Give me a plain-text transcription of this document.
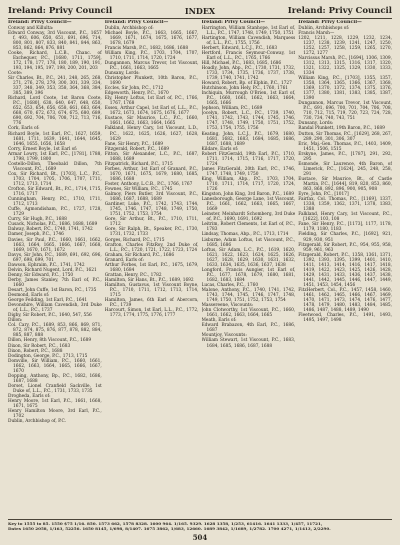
Ireland: Privy Council	INDEX	Ireland: Privy Council
Ireland: Privy Council—

Conway and Killulta:

Edward Conway, 3rd Viscount, P.C., 1657 f, 493, 606, 650, 651, 691, 696, 714, 800, 801, 807, 833, 840, 841, 844, 863, 853, 862, 864, 876, 881

Cooke, Richard, L.C.B., Chanc. of Exchequer, P.C., [1680, 1711, 1759], 172, 178, 177, 178, 180, 189, 190, 191, 193, 194, 195, 197, 198, 200, 201, 203

Coote:

Sir Charles, Bt., P.C., 241, 248, 265, 268, 271, 276, 278, 279, 300, 301, 339, 334, 337, 348, 349, 353, 358, 364, 368, 384, 385, 389, 396

Richard, Lord Coote, 1st Baron Coote, P.C., [1680], 638, 640, 647, 648, 650, 652, 653, 654, 656, 658, 661, 663, 664, 668, 670, 672, 673, 674, 675, 680, 689, 690, 692, 704, 706, 708, 712, 713, 716, 776

Cork, Earls of:

Richard Boyle, 1st Earl, P.C., 1627, 1659, 1681, 1711, 1639, 1641, 1644, 1645, 1646, 1655, 1656, 1658

Corry, Ernest Boyle, 1st Earl of:

Armar Lowry, 1st Earl, P.C., [1781], 1788, 1798, 1799, 1800

Costello-Dillon, Theobald Dillon, 7th Viscount, P.C., 1689

Cox, Sir Richard, Bt., [1703], L.C., P.C., 1703, 1704, 1705, 1706, 1707, 1711, 1712, 1713, 1714

Crofton, Sir Edward, Bt., P.C., 1714, 1715, 1716, 1717

Cunningham, Henry, P.C., 1710, 1711, 1712, 1713

Cuffe, Agmondisham, P.C., 1727, 1728, 1729

Curry, Sir Hugh, P.C., 1688

Cusack, Nicholas, P.C., 1686, 1688, 1689

Dalway, Robert, P.C., 1740, 1741, 1742

Damer, Joseph, P.C., 1746

Davies, Sir Paul, P.C., 1660, 1661, 1662, 1663, 1664, 1665, 1666, 1667, 1668, 1669, 1670, 1671, 1672

Davys, Sir John, P.C., 1689, 691, 692, 696, 697, 698, 699, 701

Dawson, Ephraim, P.C., 1741, 1742

Delvin, Richard Nugent, Lord, P.C., 1621

Denny, Sir Edward, P.C., 1750

Derby, James Stanley, 7th Earl of, P.C., 1660

Desart, John Cuffe, 1st Baron, P.C., 1735

Desmond, Earls of:

George Feilding, 1st Earl, P.C., 1641

Devonshire, William Cavendish, 3rd Duke of, L.L., P.C., 1737

Digby, Sir Robert, P.C., 1640, 547, 556

Dillon:

Col. Cary, P.C., 1689, 853, 866, 869, 871, 872, 874, 875, 876, 877, 878, 882, 884, 885, 887, 888

Dillon, Henry, 8th Viscount, P.C., 1689

Dixon, Sir Robert, P.C., 1683

Dixon, Robert, P.C., 1688

Dodington, George, P.C., 1713, 1715

Domville, Sir William, P.C., 1660, 1661, 1662, 1663, 1664, 1665, 1666, 1667, 1670

Dopping, Anthony, Bp., P.C., 1682, 1686, 1687, 1688

Dorset, Lionel Cranfield Sackville, 1st Duke of, L.L., P.C., 1731, 1733, 1735

Drogheda, Earls of:

Henry Moore, 1st Earl, P.C., 1661, 1668, 1671, 1675

Henry Hamilton Moore, 3rd Earl, P.C., 1702

Dublin, Archbishop of, P.C.

Ireland: Privy Council—

Dublin, Archbishop of:

Michael Boyle, P.C., 1663, 1665, 1667, 1669, 1671, 1674, 1675, 1676, 1677, 1678, 1679

Francis Marsh, P.C., 1682, 1686, 1688

William King, P.C., 1703, 1704, 1707, 1710, 1711, 1714, 1720, 1724

Dungannon, Marcus Trevor, 1st Viscount, P.C., 1661, 1663, 1665

Dunsany, Lords:

Christopher Plunkett, 10th Baron, P.C., 1690

Eccles, Sir John, P.C., 1712

Edgeworth, Henry, P.C., 1670

Ely, Henry Loftus, 1st Earl of, P.C., 1766, 1767, 1768

Essex, Arthur Capel, 1st Earl of, L.L., P.C., 1672, 1673, 1674, 1675, 1676, 1677

Eustace, Sir Maurice, L.C., P.C., 1660, 1661, 1662, 1663, 1664, 1665

Falkland, Henry Cary, 1st Viscount, L.D., P.C., 1622, 1625, 1626, 1627, 1628, 1629

Fane, Sir Henry, P.C., 1689

Fitzgerald, Robert, P.C., 1689

Fitton, Sir Alexander, L.C., P.C., 1687, 1688, 1689

Fitzpatrick, Richard, P.C., 1715

Forbes, Arthur, 1st Earl of Granard, P.C., 1670, 1671, 1675, 1679, 1680, 1685, 1686, 1688

Foster, Anthony, L.C.B., P.C., 1766, 1767

Fownes, Sir William, P.C., 1745

Galmoy, Piers Butler, 3rd Viscount, P.C., 1686, 1687, 1688, 1689

Gardiner, Luke, P.C., 1742, 1743, 1744, 1745, 1746, 1747, 1748, 1749, 1750, 1751, 1752, 1753, 1754

Gore, Sir Arthur, Bt., P.C., 1710, 1711, 1712

Gore, Sir Ralph, Bt., Speaker, P.C., 1730, 1731, 1732, 1733

Gorges, Richard, P.C., 1715

Grafton, Charles FitzRoy, 2nd Duke of, L.L., P.C., 1720, 1721, 1722, 1723, 1724

Graham, Sir Richard, P.C., 1686

Granard, Earls of:

Arthur Forbes, 1st Earl, P.C., 1675, 1679, 1680, 1684

Grattan, Henry, P.C., 1782

Hamilton, Sir Hans, Bt., P.C., 1689, 1692

Hamilton, Gustavus, 1st Viscount Boyne, P.C., 1710, 1711, 1712, 1713, 1714, 1715

Hamilton, James, 6th Earl of Abercorn, P.C., 1739

Harcourt, Simon, 1st Earl, L.L., P.C., 1772, 1773, 1774, 1775, 1776, 1777

Ireland: Privy Council—

Harrington, William Stanhope, 1st Earl of, L.L., P.C., 1747, 1748, 1749, 1750, 1751

Hartington, William Cavendish, Marquess of, L.L., P.C., 1755, 1756

Herbert, Edward, L.C.J., P.C., 1683

Hertford, Francis Seymour-Conway, 1st Earl of, L.L., P.C., 1765, 1766

Hill, Michael, P.C., 1683, 1685, 1686

Hoadly, John, Abp., P.C., 1730, 1731, 1732, 1733, 1734, 1735, 1736, 1737, 1738, 1739, 1740, 1741, 1742

Howard, Robert, Bp. of Elphin, P.C., 1727

Hutchinson, John Hely, P.C., 1760, 1761

Inchiquin, Murrough O'Brien, 1st Earl of, P.C., 1660, 1661, 1662, 1663, 1664, 1665, 1666

Jephson, William, P.C., 1689

Jocelyn, Robert, L.C., P.C., 1739, 1740, 1741, 1742, 1743, 1744, 1745, 1746, 1747, 1748, 1749, 1750, 1751, 1752, 1753, 1754, 1755, 1756

Keating, John, L.C.J., P.C., 1679, 1680, 1681, 1682, 1683, 1684, 1685, 1686, 1687, 1688, 1689

Kildare, Earls of:

Robert FitzGerald, 19th Earl, P.C., 1710, 1711, 1714, 1715, 1716, 1717, 1720, 1724

James FitzGerald, 20th Earl, P.C., 1746, 1747, 1748, 1749, 1750

King, William, Abp., P.C., 1703, 1704, 1710, 1711, 1714, 1717, 1720, 1724, 1726

Kingston, John King, 3rd Baron, P.C., 1689

Lanesborough, George Lane, 1st Viscount, P.C., 1661, 1662, 1663, 1665, 1667, 1669

Leinster, Meinhardt Schomberg, 3rd Duke of, P.C., 1690, 1691, 1692

Leitrim, Robert Clements, 1st Earl of, P.C., 1783

Lindsay, Thomas, Abp., P.C., 1713, 1714

Lisburne, Adam Loftus, 1st Viscount, P.C., 1685, 1686

Loftus, Sir Adam, L.C., P.C., 1619, 1620, 1621, 1622, 1623, 1624, 1625, 1626, 1627, 1628, 1629, 1630, 1631, 1632, 1633, 1634, 1635, 1636, 1637, 1638

Longford, Francis Aungier, 1st Earl of, P.C., 1677, 1678, 1679, 1680, 1681, 1682, 1683, 1684

Lucas, Charles, P.C., 1760

Malone, Anthony, P.C., 1740, 1741, 1742, 1743, 1744, 1745, 1746, 1747, 1748, 1749, 1750, 1751, 1752, 1753, 1754

Massereene, Viscounts:

John Clotworthy, 1st Viscount, P.C., 1660, 1661, 1662, 1663, 1664, 1665

Meath, Earls of:

Edward Brabazon, 4th Earl, P.C., 1686, 1687

Mountjoy, Viscounts:

William Stewart, 1st Viscount, P.C., 1683, 1684, 1685, 1686, 1687, 1688

Ireland: Privy Council—

Dublin, Archbishops of:

Francis Marsh—

1202, 1211, 1228, 1229, 1232, 1234, 1237, 1238, 1239, 1241, 1247, 1250, 1252, 1257, 1258, 1259, 1265, 1270, 1272, 1277

Narcissus Marsh, P.C., [1694], 1306, 1309, 1312, 1313, 1315, 1316, 1317, 1320, 1321, 1322, 1325, 1329, 1330, 1333, 1334

William King, P.C., [1703], 1355, 1357, 1358, 1364, 1365, 1366, 1367, 1368, 1369, 1370, 1372, 1374, 1375, 1376, 1377, 1380, 1381, 1383, 1385, 1387, 1390

Dungannon, Marcus Trevor, 1st Viscount, P.C., 691, 696, 700, 701, 704, 706, 708, 710, 712, 715, 719, 720, 723, 724, 728, 730, 734, 740, 743, 751

Dunsany, Lords:

Randal Plunkett, 19th Baron, P.C., 1689

Dutton, Sir Thomas, P.C., [1629], 268, 267, 289, 290, 301, 306, 307

Eric, Maj.-Gen. Thomas, P.C., 1403, 1409, 1451, 1506, 1515

Erskyne, James, P.C., [1787], 291, 292, 295

Esmonde, Sir Laurence, 4th Baron, of Limerick, P.C., [1624], 245, 248, 258, 291

Eustace, Sir Maurice, Bt., of Castle Martin, P.C., [1644], 819, 820, 853, 860, 863, 868, 892, 896, 900, 905, 908

Eyre, John, P.C., [1017]

Fairfax, Col. Thomas, P.C., [1169], 1337, 1338, 1359, 1362, 1371, 1378, 1383, 1388

Falkland, Henry Cary, 1st Viscount, P.C., [1622], 103, 108

Fane, Sir Henry, P.C., [1173], 1177, 1178, 1179, 1180, 1183

Fielding, Sir Charles, P.C., [1692], 921, 929, 930, 951

Fitzgerald, Sir Robert, P.C., 954, 955, 958, 959, 961, 963

Fitzgerald, Robert, P.C., 1358, 1361, 1371, 1392, 1393, 1395, 1399, 1401, 1410, 1411, 1413, 1414, 1416, 1417, 1418, 1419, 1422, 1423, 1425, 1426, 1428, 1429, 1431, 1433, 1436, 1437, 1438, 1441, 1442, 1445, 1446, 1447, 1449, 1451, 1453, 1454, 1456

FitzHerbert, Col., P.C., 1457, 1458, 1460, 1461, 1462, 1465, 1466, 1467, 1469, 1470, 1471, 1473, 1474, 1476, 1477, 1478, 1479, 1480, 1483, 1484, 1485, 1486, 1487, 1488, 1489, 1490

Fleetwood, Charles, P.C., 1491, 1493, 1495, 1497, 1498

Key to 1555 to 85. 1550 $75 1/16. 850. 1573 662, 1578 8328. 1600 964. 1/165. 9329. 1628 1358, 1/253, 61416. 1641 1333, 1/457, 11721,
Dates 1650 2058, 1/163, 52256. 1650 8145, 1/698, 8/1407. 1675 3862, 1/683, 12660. 1689 3842, 1/1689, 1/2782. 1700 4271, 1/1413, 2/2290.
504
